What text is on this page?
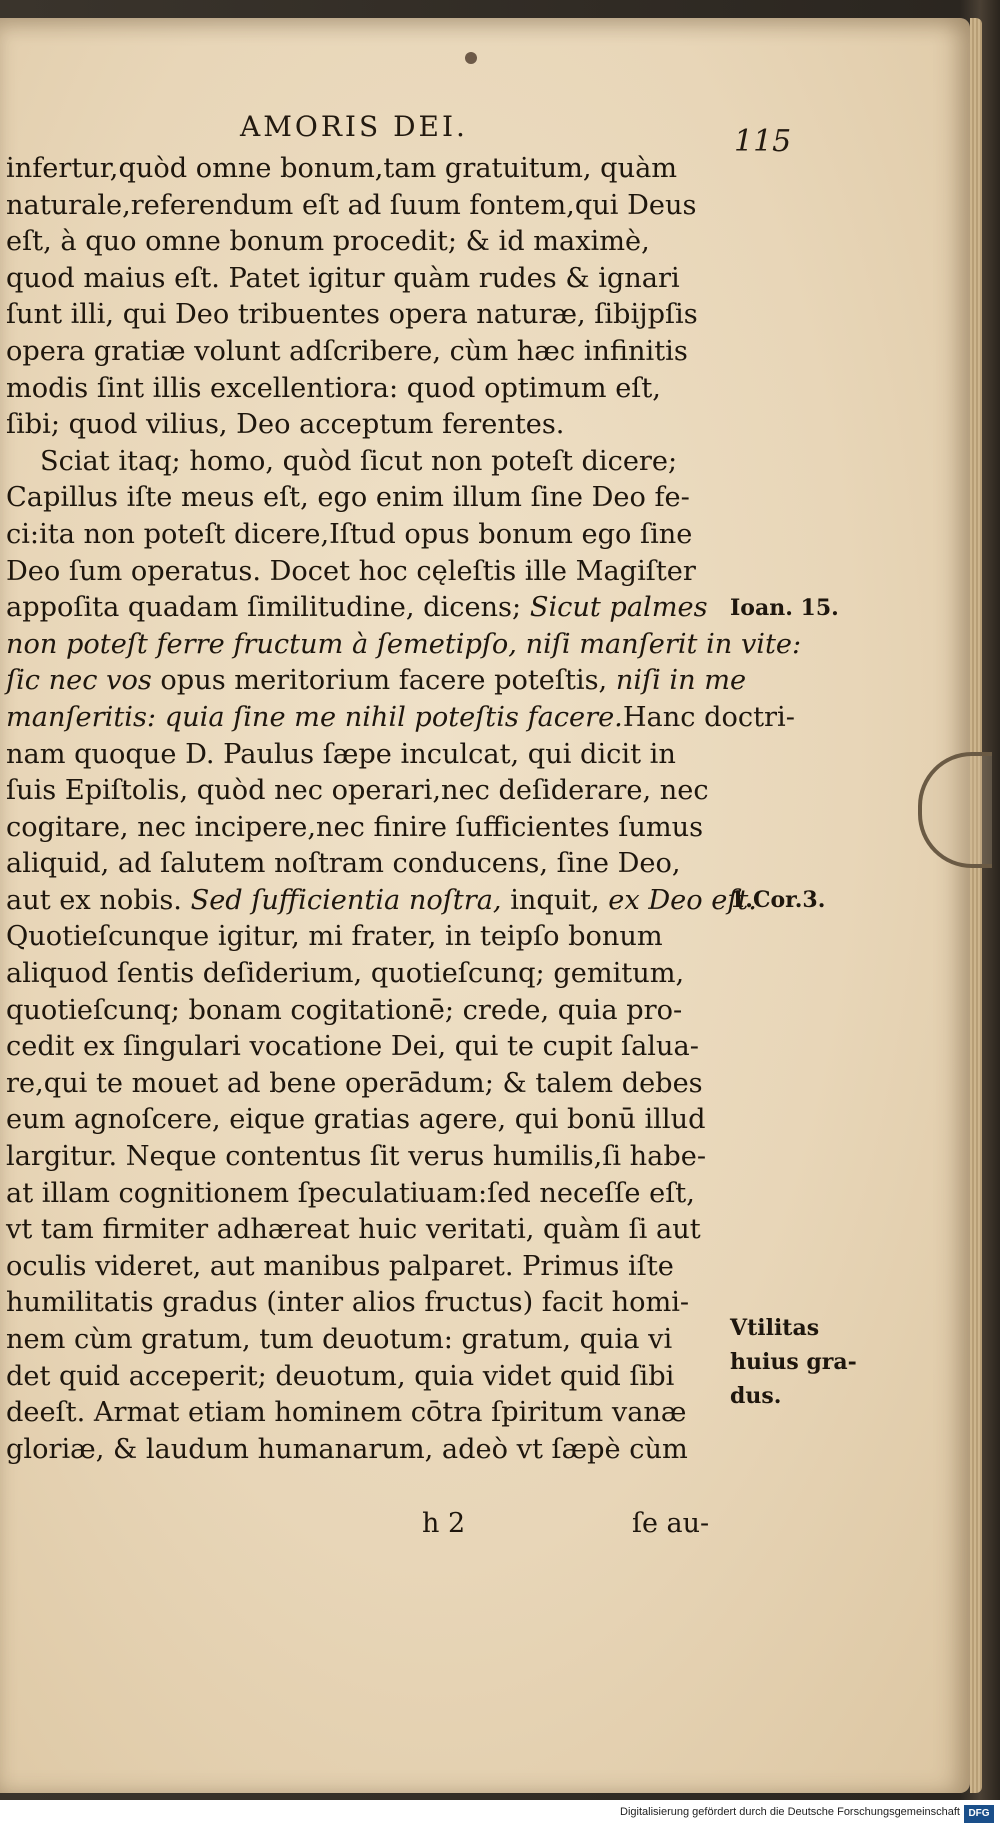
AMORIS DEI.	115
infertur,quòd omne bonum,tam gratuitum, quàm
naturale,referendum eſt ad ſuum fontem,qui Deus
eſt, à quo omne bonum procedit; & id maximè,
quod maius eſt. Patet igitur quàm rudes & ignari
ſunt illi, qui Deo tribuentes opera naturæ, ſibijpſis
opera gratiæ volunt adſcribere, cùm hæc infinitis
modis ſint illis excellentiora: quod optimum eſt,
ſibi; quod vilius, Deo acceptum ferentes.
Sciat itaq; homo, quòd ſicut non poteſt dicere;
Capillus iſte meus eſt, ego enim illum ſine Deo fe-
ci:ita non poteſt dicere,Iſtud opus bonum ego ſine
Deo ſum operatus. Docet hoc cęleſtis ille Magiſter
appoſita quadam ſimilitudine, dicens; Sicut palmes
non poteſt ferre fructum à ſemetipſo, niſi manſerit in vite:
ſic nec vos opus meritorium facere poteſtis, niſi in me
manſeritis: quia ſine me nihil poteſtis facere.Hanc doctri-
nam quoque D. Paulus ſæpe inculcat, qui dicit in
ſuis Epiſtolis, quòd nec operari,nec deſiderare, nec
cogitare, nec incipere,nec finire ſufficientes ſumus
aliquid, ad ſalutem noſtram conducens, ſine Deo,
aut ex nobis. Sed ſufficientia noſtra, inquit, ex Deo eſt.
Quotieſcunque igitur, mi frater, in teipſo bonum
aliquod ſentis deſiderium, quotieſcunq; gemitum,
quotieſcunq; bonam cogitationē; crede, quia pro-
cedit ex ſingulari vocatione Dei, qui te cupit ſalua-
re,qui te mouet ad bene operādum; & talem debes
eum agnoſcere, eique gratias agere, qui bonū illud
largitur. Neque contentus ſit verus humilis,ſi habe-
at illam cognitionem ſpeculatiuam:ſed neceſſe eſt,
vt tam firmiter adhæreat huic veritati, quàm ſi aut
oculis videret, aut manibus palparet. Primus iſte
humilitatis gradus (inter alios fructus) facit homi-
nem cùm gratum, tum deuotum: gratum, quia vi
det quid acceperit; deuotum, quia videt quid ſibi
deeſt. Armat etiam hominem cōtra ſpiritum vanæ
gloriæ, & laudum humanarum, adeò vt ſæpè cùm
Ioan. 15.
1.Cor.3.
Vtilitas
huius gra-
dus.
h 2	ſe au-
Digitalisierung gefördert durch die Deutsche Forschungsgemeinschaft DFG
